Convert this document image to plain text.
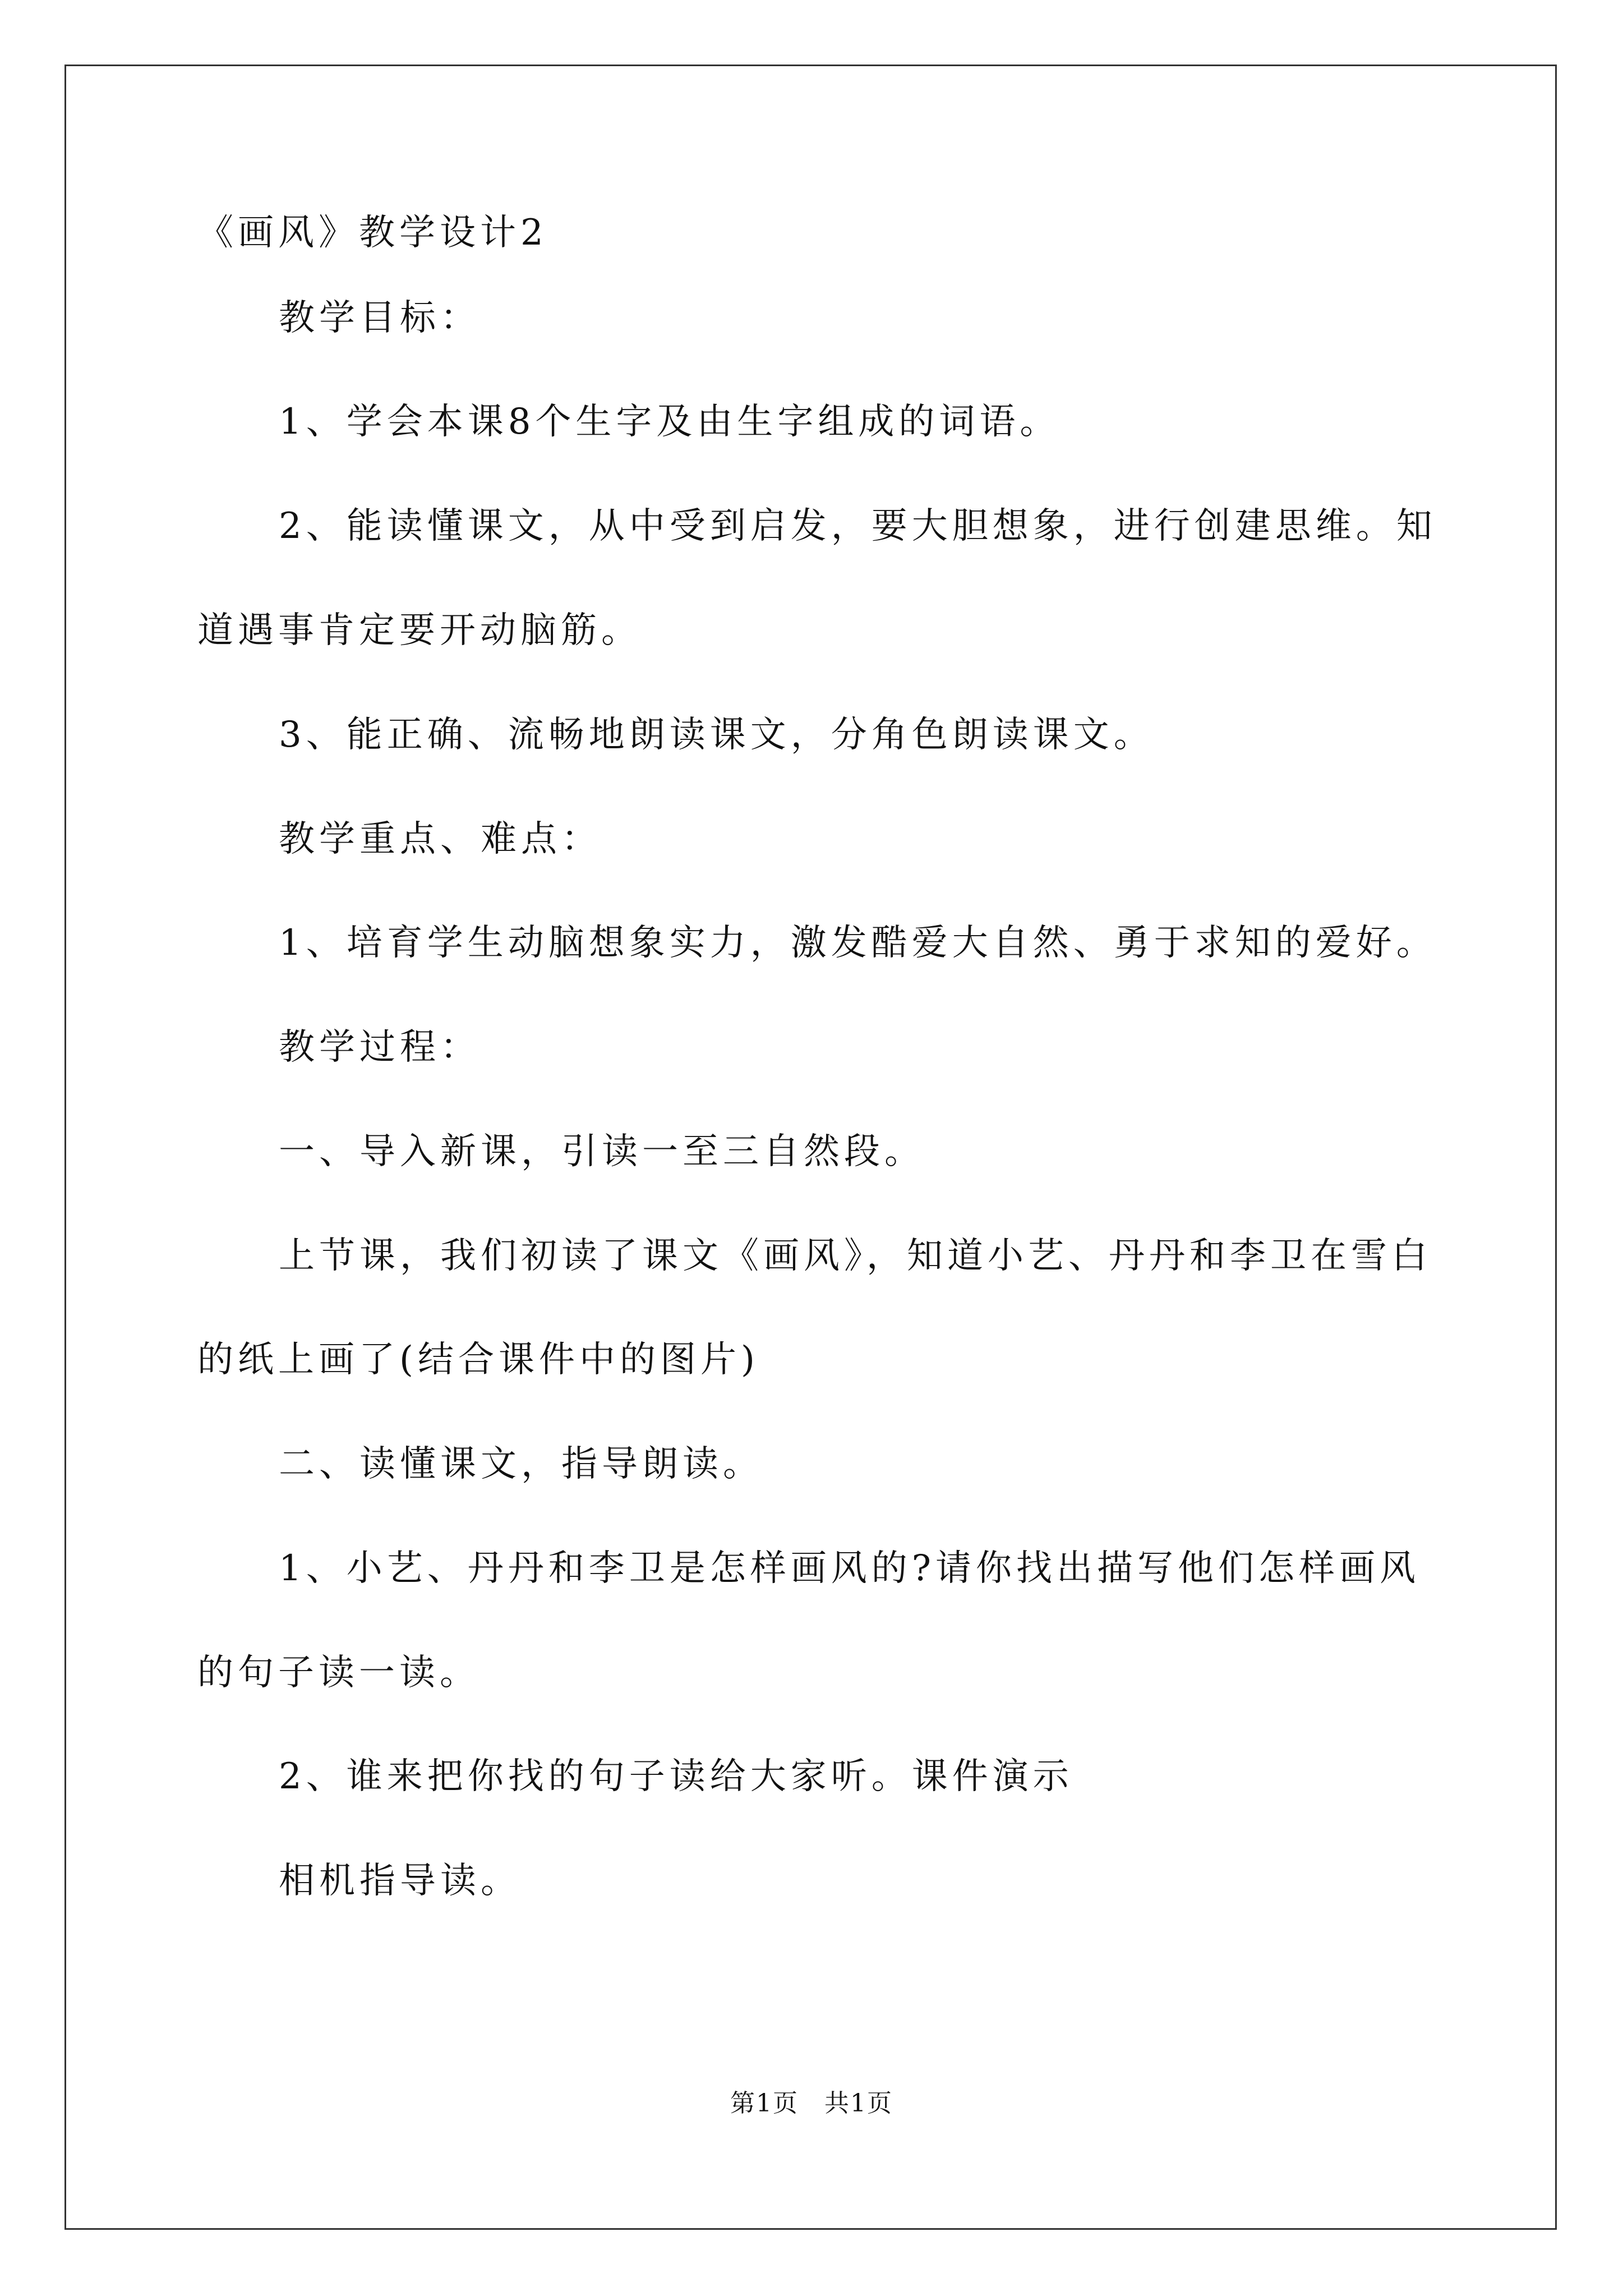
《画风》教学设计2

教学目标：

1、学会本课8个生字及由生字组成的词语。

2、能读懂课文，从中受到启发，要大胆想象，进行创建思维。知

道遇事肯定要开动脑筋。

3、能正确、流畅地朗读课文，分角色朗读课文。

教学重点、难点：

1、培育学生动脑想象实力，激发酷爱大自然、勇于求知的爱好。

教学过程：

一、导入新课，引读一至三自然段。

上节课，我们初读了课文《画风》，知道小艺、丹丹和李卫在雪白

的纸上画了(结合课件中的图片)

二、读懂课文，指导朗读。

1、小艺、丹丹和李卫是怎样画风的?请你找出描写他们怎样画风

的句子读一读。

2、谁来把你找的句子读给大家听。课件演示

相机指导读。

第1页　共1页
